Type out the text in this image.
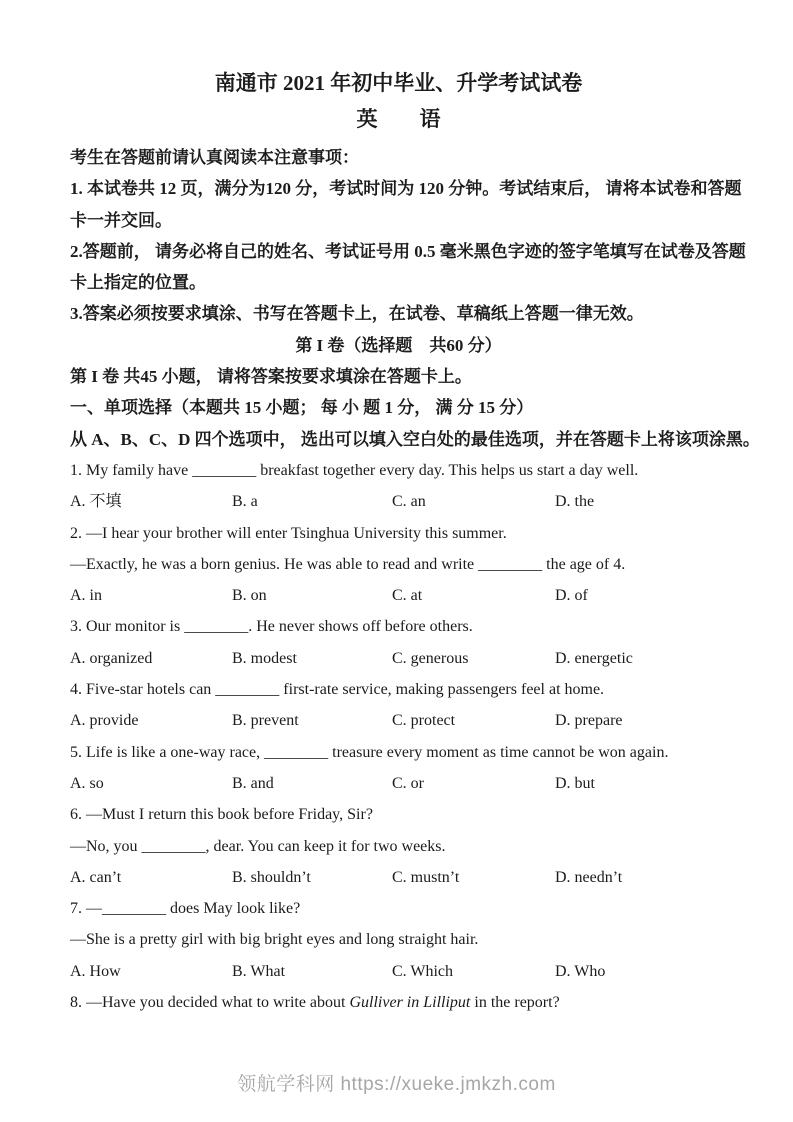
南通市 2021 年初中毕业、升学考试试卷
英　　语
考生在答题前请认真阅读本注意事项：
1. 本试卷共 12 页，满分为120 分，考试时间为 120 分钟。考试结束后， 请将本试卷和答题
卡一并交回。
2.答题前， 请务必将自己的姓名、考试证号用 0.5 毫米黑色字迹的签字笔填写在试卷及答题
卡上指定的位置。
3.答案必须按要求填涂、书写在答题卡上，在试卷、草稿纸上答题一律无效。
第 I 卷（选择题　共60 分）
第 I 卷 共45 小题， 请将答案按要求填涂在答题卡上。
一、单项选择（本题共 15 小题； 每 小 题 1 分， 满 分 15 分）
从 A、B、C、D 四个选项中， 选出可以填入空白处的最佳选项，并在答题卡上将该项涂黑。
1. My family have ________ breakfast together every day. This helps us start a day well.
A. 不填	B. a	C. an	D. the
2. —I hear your brother will enter Tsinghua University this summer.
—Exactly, he was a born genius. He was able to read and write ________ the age of 4.
A. in	B. on	C. at	D. of
3. Our monitor is ________. He never shows off before others.
A. organized	B. modest	C. generous	D. energetic
4. Five-star hotels can ________ first-rate service, making passengers feel at home.
A. provide	B. prevent	C. protect	D. prepare
5. Life is like a one-way race, ________ treasure every moment as time cannot be won again.
A. so	B. and	C. or	D. but
6. —Must I return this book before Friday, Sir?
—No, you ________, dear. You can keep it for two weeks.
A. can’t	B. shouldn’t	C. mustn’t	D. needn’t
7. —________ does May look like?
—She is a pretty girl with big bright eyes and long straight hair.
A. How	B. What	C. Which	D. Who
8. —Have you decided what to write about Gulliver in Lilliput in the report?
领航学科网 https://xueke.jmkzh.com
